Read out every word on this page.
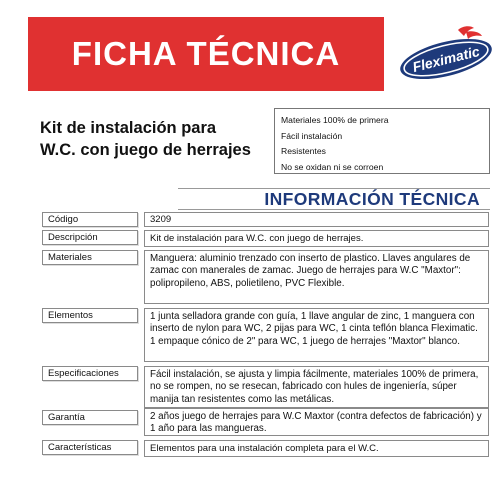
FICHA TÉCNICA	Fleximatic
Kit de instalación para
W.C. con juego de herrajes
Materiales 100% de primera
Fácil instalación
Resistentes
No se oxidan ni se corroen
INFORMACIÓN TÉCNICA
Código	3209
Descripción	Kit de instalación para W.C. con juego de herrajes.
Materiales	Manguera: aluminio trenzado con inserto de plastico. Llaves angulares de zamac con manerales de zamac. Juego de herrajes para W.C "Maxtor": polipropileno, ABS, polietileno, PVC Flexible.
Elementos	1 junta selladora grande con guía, 1 llave angular de zinc, 1 manguera con inserto de nylon para WC, 2 pijas para WC, 1 cinta teflón blanca Fleximatic. 1 empaque cónico de 2" para WC, 1 juego de herrajes "Maxtor" blanco.
Especificaciones	Fácil instalación, se ajusta y limpia fácilmente, materiales 100% de primera, no se rompen, no se resecan, fabricado con hules de ingeniería, súper manija tan resistentes como las metálicas.
Garantía	2 años juego de herrajes para W.C Maxtor (contra defectos de fabricación) y 1 año para las mangueras.
Características	Elementos para una instalación completa para el W.C.
